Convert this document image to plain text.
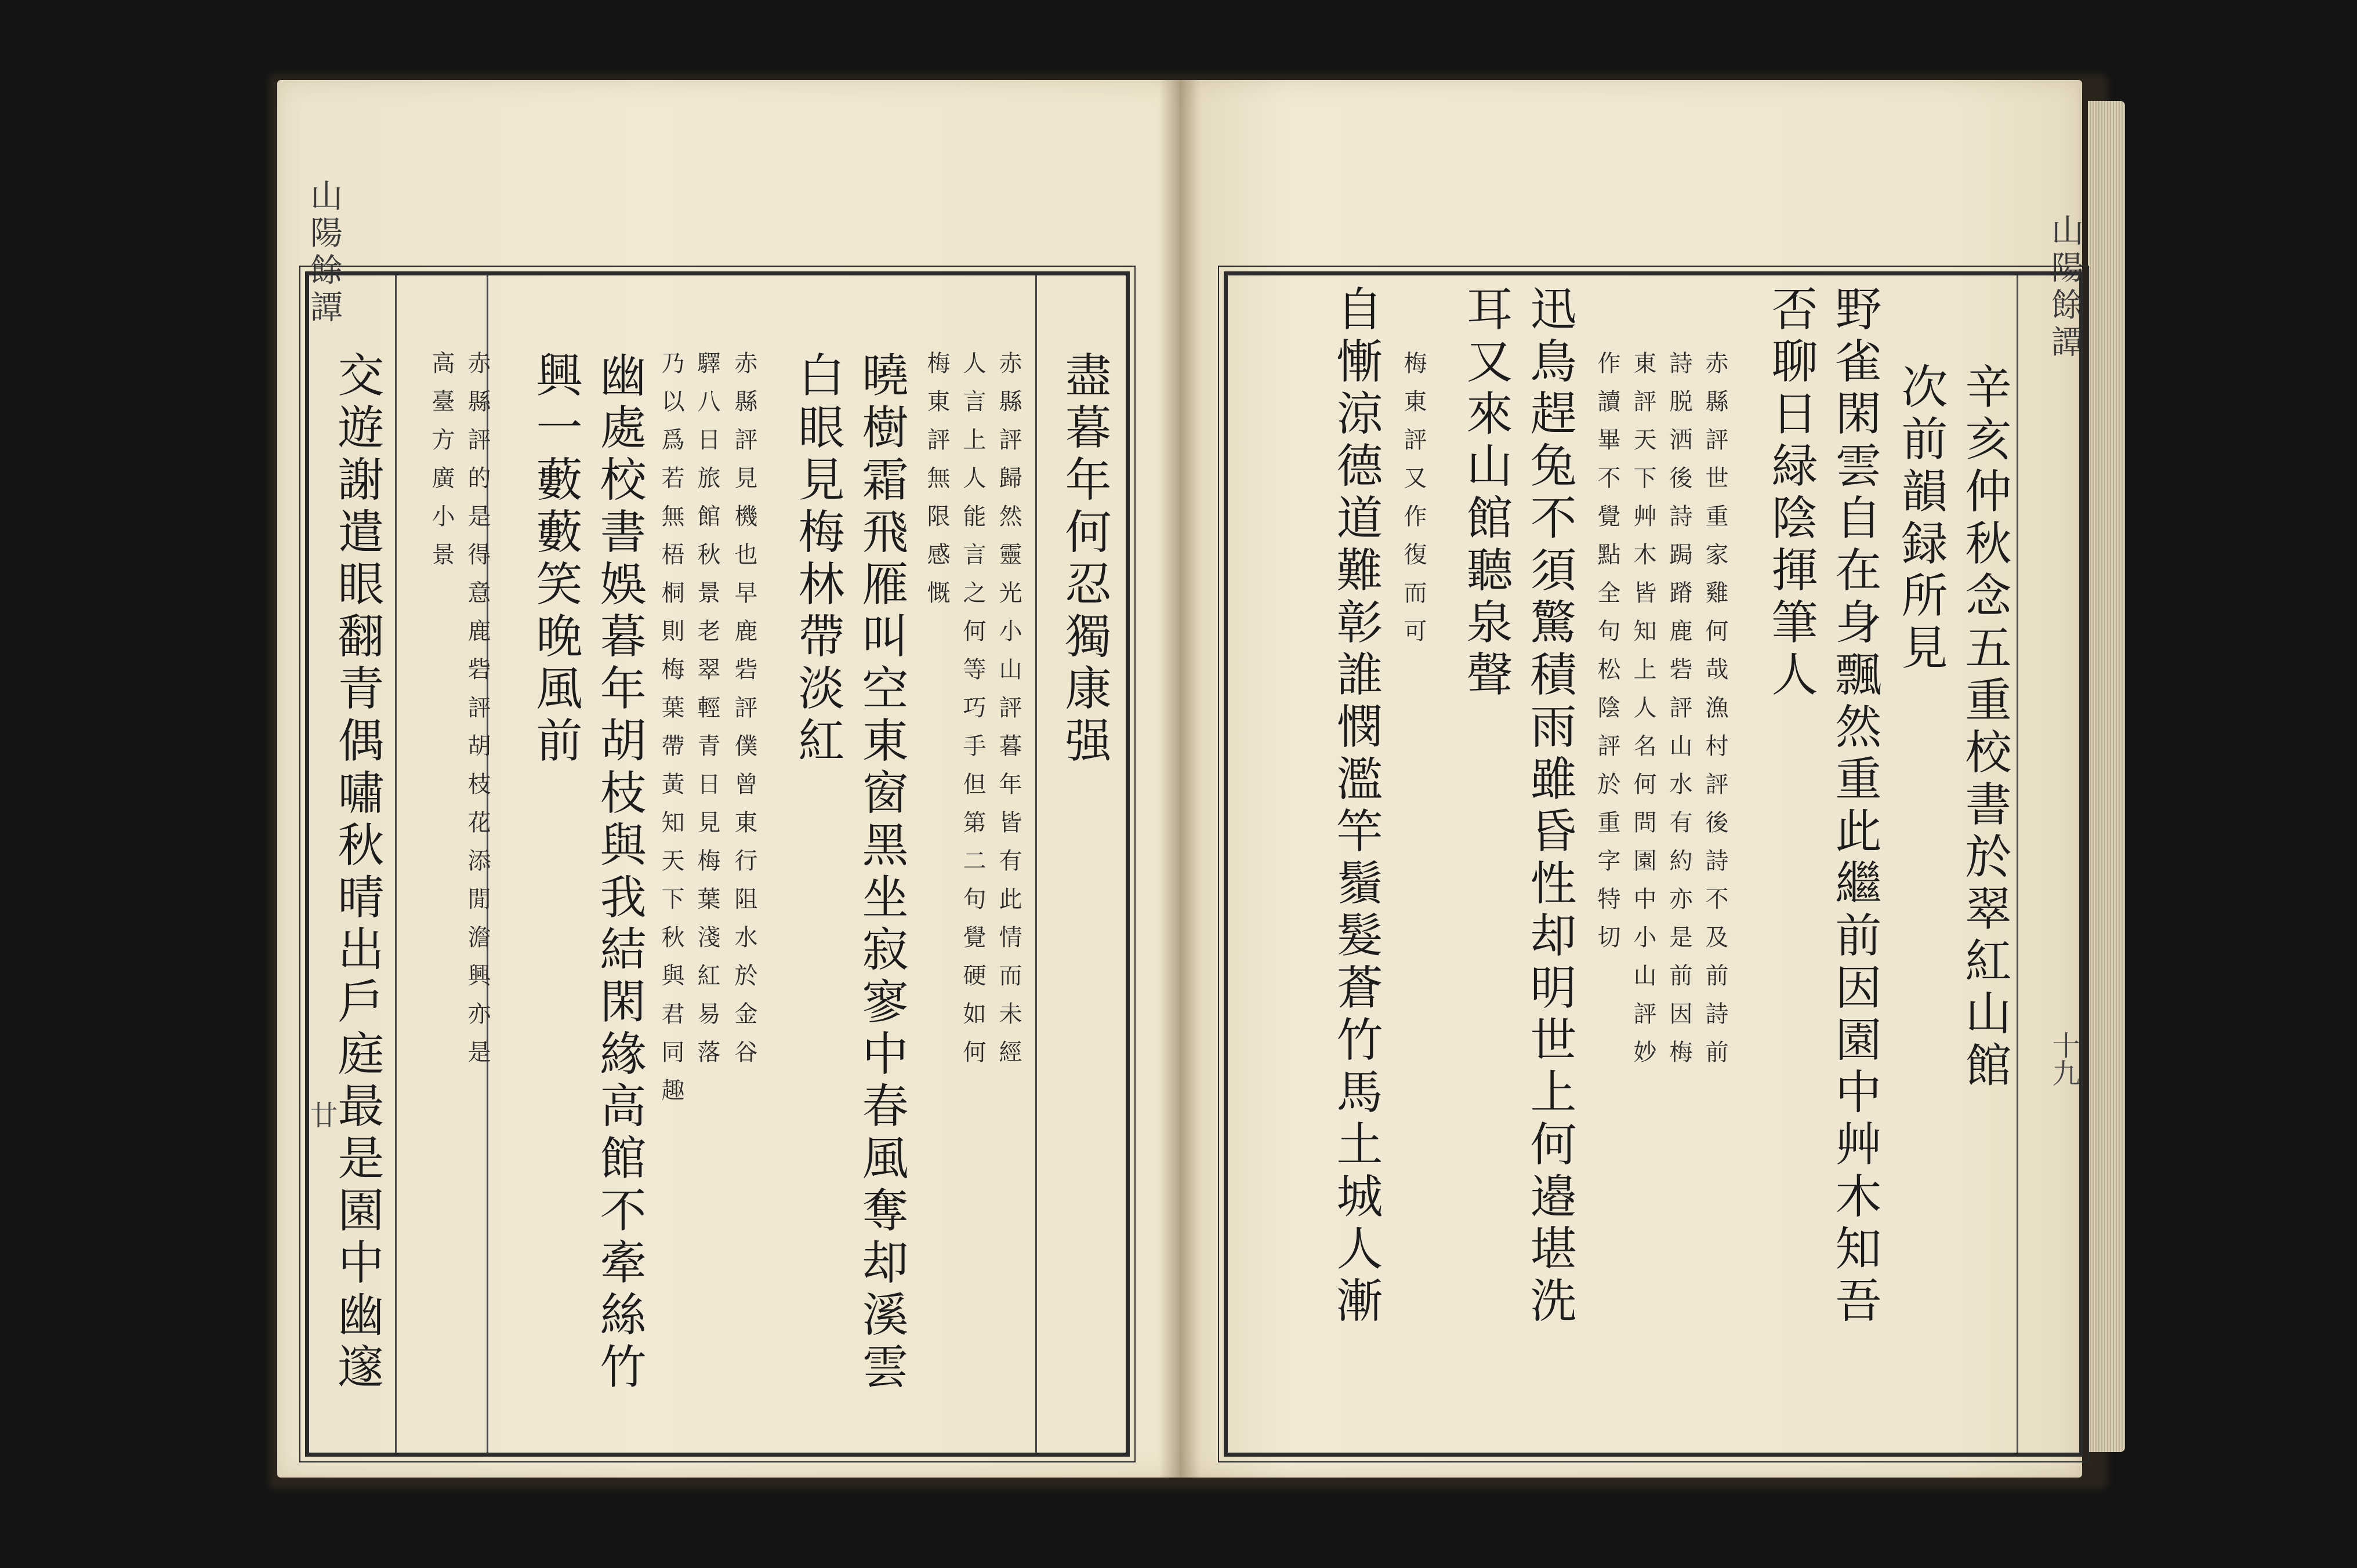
山陽餘譚
廿
盡暮年何忍獨康强
赤縣評歸然靈光小山評暮年皆有此情而未經
人言上人能言之何等巧手但第二句覺硬如何
梅東評無限感慨
曉樹霜飛雁叫空東窗黑坐寂寥中春風奪却溪雲
白眼見梅林帶淡紅
赤縣評見機也早鹿砦評僕曾東行阻水於金谷
驛八日旅館秋景老翠輕青日見梅葉淺紅易落
乃以爲若無梧桐則梅葉帶黃知天下秋與君同趣
幽處校書娛暮年胡枝與我結閑緣高館不牽絲竹
興一藪藪笑晚風前
赤縣評的是得意鹿砦評胡枝花添閒澹興亦是
高臺方廣小景
交遊謝遣眼翻青偶嘯秋晴出戶庭最是園中幽邃
山陽餘譚
十九
辛亥仲秋念五重校書於翠紅山館
次前韻録所見
野雀閑雲自在身飄然重此繼前因園中艸木知吾
否聊日緑陰揮筆人
赤縣評世重家雞何哉漁村評後詩不及前詩前
詩脱洒後詩跼蹐鹿砦評山水有約亦是前因梅
東評天下艸木皆知上人名何問園中小山評妙
作讀畢不覺點全句松陰評於重字特切
迅鳥趕兔不須驚積雨雖昏性却明世上何邉堪洗
耳又來山館聽泉聲
梅東評又作復而可
自慚涼德道難彰誰憫濫竿鬚髮蒼竹馬土城人漸
